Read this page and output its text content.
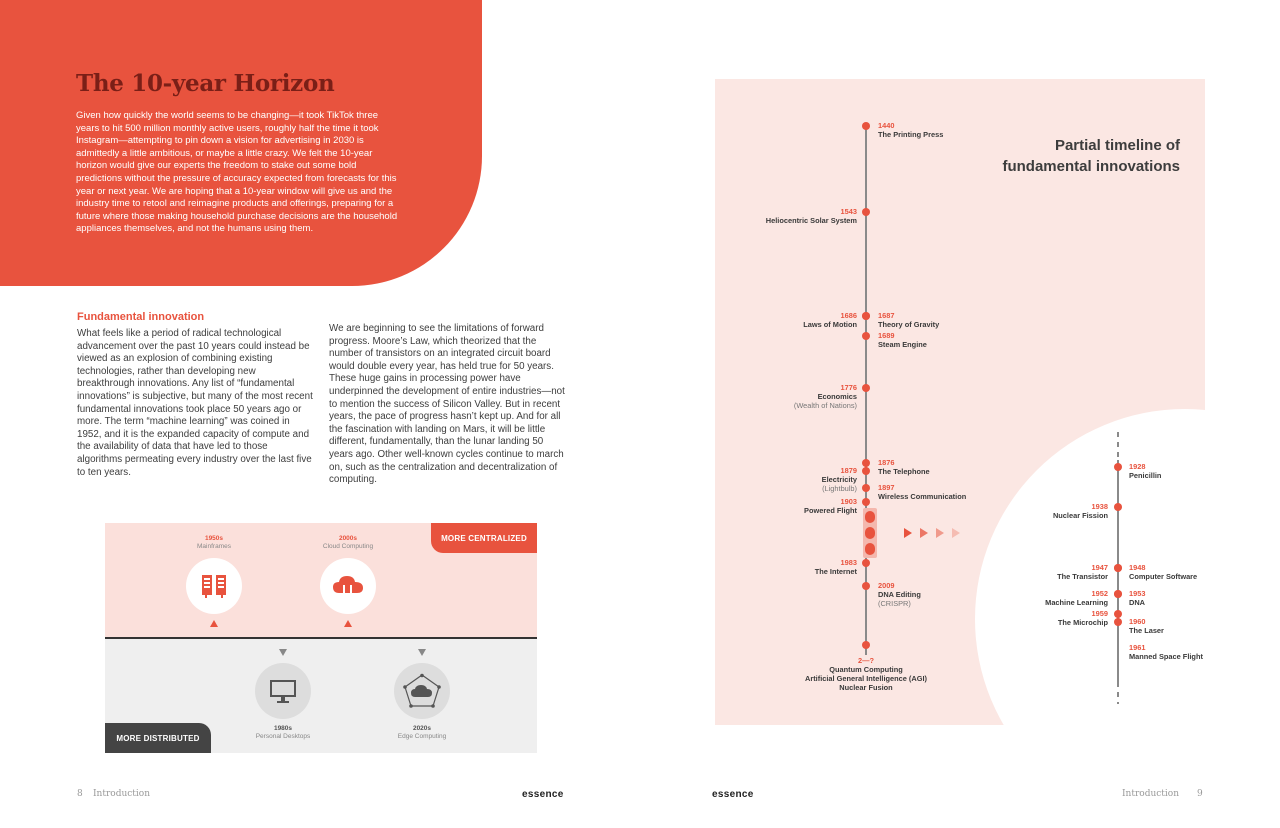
The 10-year Horizon
Given how quickly the world seems to be changing—it took TikTok three years to hit 500 million monthly active users, roughly half the time it took Instagram—attempting to pin down a vision for advertising in 2030 is admittedly a little ambitious, or maybe a little crazy. We felt the 10-year horizon would give our experts the freedom to stake out some bold predictions without the pressure of accuracy expected from forecasts for this year or next year. We are hoping that a 10-year window will give us and the industry time to retool and reimagine products and offerings, preparing for a future where those making household purchase decisions are the household appliances themselves, and not the humans using them.
Fundamental innovation
What feels like a period of radical technological advancement over the past 10 years could instead be viewed as an explosion of combining existing technologies, rather than developing new breakthrough innovations. Any list of “fundamental innovations” is subjective, but many of the most recent fundamental innovations took place 50 years ago or more. The term “machine learning” was coined in 1952, and it is the expanded capacity of compute and the availability of data that have led to those algorithms permeating every industry over the last five to ten years.
We are beginning to see the limitations of forward progress. Moore’s Law, which theorized that the number of transistors on an integrated circuit board would double every year, has held true for 50 years. These huge gains in processing power have underpinned the development of entire industries—not to mention the success of Silicon Valley. But in recent years, the pace of progress hasn’t kept up. And for all the fascination with landing on Mars, it will be little different, fundamentally, than the lunar landing 50 years ago. Other well-known cycles continue to march on, such as the centralization and decentralization of computing.
MORE CENTRALIZED
MORE DISTRIBUTED
1950s
Mainframes
2000s
Cloud Computing
1980s
Personal Desktops
2020s
Edge Computing
8 Introduction	essence
Partial timeline of fundamental innovations
1440
The Printing Press
1543
Heliocentric Solar System
1686
Laws of Motion
1687
Theory of Gravity
1689
Steam Engine
1776
Economics
(Wealth of Nations)
1876
The Telephone
1879
Electricity
(Lightbulb)	1897
Wireless Communication
1903
Powered Flight
1983
The Internet
2009
DNA Editing
(CRISPR)
2—?
Quantum Computing
Artificial General Intelligence (AGI)
Nuclear Fusion
1928
Penicillin
1938
Nuclear Fission
1947
The Transistor
1948
Computer Software
1952
Machine Learning
1953
DNA
1959
The Microchip	1960
The Laser
1961
Manned Space Flight
Introduction 9
essence
